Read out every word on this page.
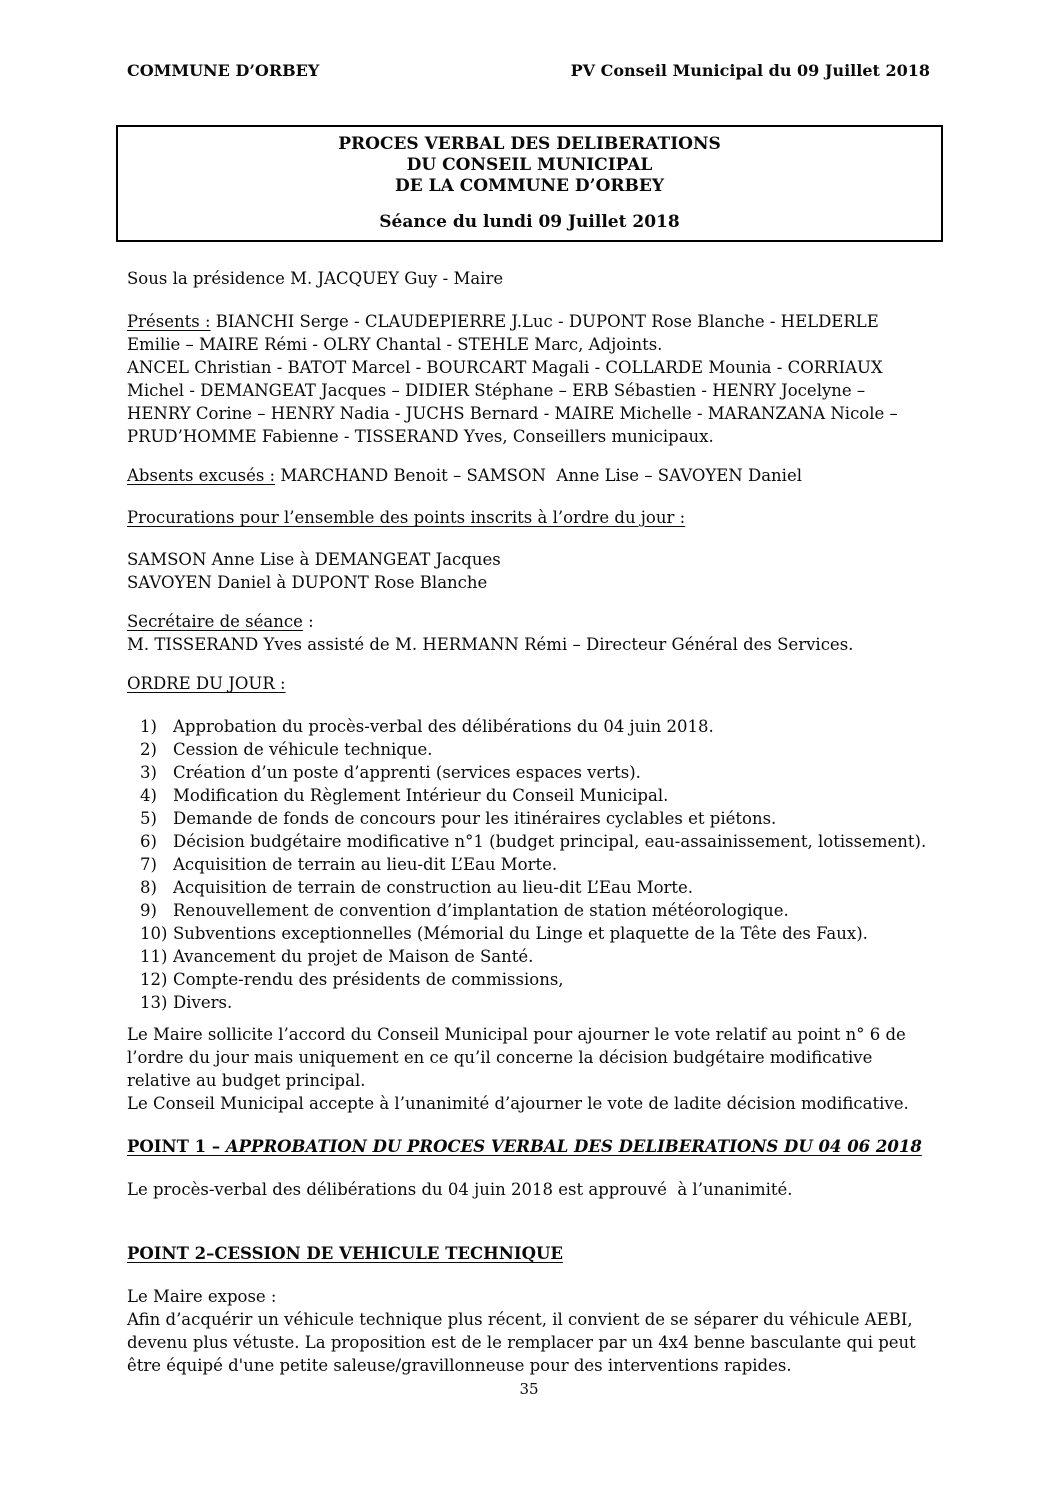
COMMUNE D’ORBEY	PV Conseil Municipal du 09 Juillet 2018
PROCES VERBAL DES DELIBERATIONS
DU CONSEIL MUNICIPAL
DE LA COMMUNE D’ORBEY
Séance du lundi 09 Juillet 2018

Sous la présidence M. JACQUEY Guy - Maire

Présents : BIANCHI Serge - CLAUDEPIERRE J.Luc - DUPONT Rose Blanche - HELDERLE Emilie – MAIRE Rémi - OLRY Chantal - STEHLE Marc, Adjoints.
ANCEL Christian - BATOT Marcel - BOURCART Magali - COLLARDE Mounia - CORRIAUX Michel - DEMANGEAT Jacques – DIDIER Stéphane – ERB Sébastien - HENRY Jocelyne – HENRY Corine – HENRY Nadia - JUCHS Bernard - MAIRE Michelle - MARANZANA Nicole – PRUD’HOMME Fabienne - TISSERAND Yves, Conseillers municipaux.

Absents excusés : MARCHAND Benoit – SAMSON  Anne Lise – SAVOYEN Daniel

Procurations pour l’ensemble des points inscrits à l’ordre du jour :

SAMSON Anne Lise à DEMANGEAT Jacques
SAVOYEN Daniel à DUPONT Rose Blanche

Secrétaire de séance :
M. TISSERAND Yves assisté de M. HERMANN Rémi – Directeur Général des Services.

ORDRE DU JOUR :

1) Approbation du procès-verbal des délibérations du 04 juin 2018.
2) Cession de véhicule technique.
3) Création d’un poste d’apprenti (services espaces verts).
4) Modification du Règlement Intérieur du Conseil Municipal.
5) Demande de fonds de concours pour les itinéraires cyclables et piétons.
6) Décision budgétaire modificative n°1 (budget principal, eau-assainissement, lotissement).
7) Acquisition de terrain au lieu-dit L’Eau Morte.
8) Acquisition de terrain de construction au lieu-dit L’Eau Morte.
9) Renouvellement de convention d’implantation de station météorologique.
10) Subventions exceptionnelles (Mémorial du Linge et plaquette de la Tête des Faux).
11) Avancement du projet de Maison de Santé.
12) Compte-rendu des présidents de commissions,
13) Divers.

Le Maire sollicite l’accord du Conseil Municipal pour ajourner le vote relatif au point n° 6 de l’ordre du jour mais uniquement en ce qu’il concerne la décision budgétaire modificative relative au budget principal.
Le Conseil Municipal accepte à l’unanimité d’ajourner le vote de ladite décision modificative.

POINT 1 – APPROBATION DU PROCES VERBAL DES DELIBERATIONS DU 04 06 2018

Le procès-verbal des délibérations du 04 juin 2018 est approuvé  à l’unanimité.

POINT 2–CESSION DE VEHICULE TECHNIQUE

Le Maire expose :
Afin d’acquérir un véhicule technique plus récent, il convient de se séparer du véhicule AEBI, devenu plus vétuste. La proposition est de le remplacer par un 4x4 benne basculante qui peut être équipé d'une petite saleuse/gravillonneuse pour des interventions rapides.

35
